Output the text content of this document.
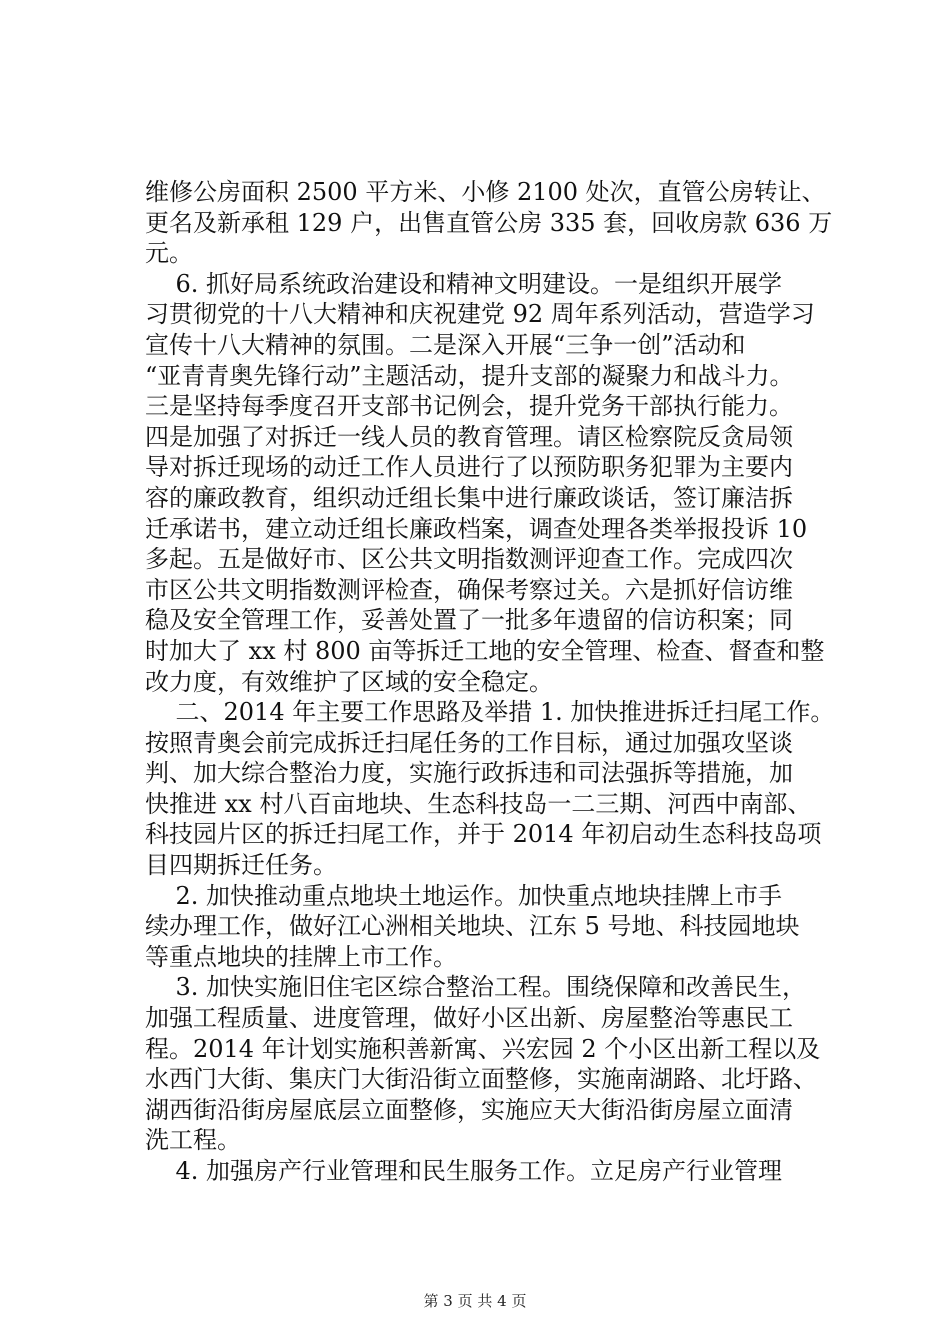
维修公房面积 2500 平方米、小修 2100 处次，直管公房转让、
更名及新承租 129 户，出售直管公房 335 套，回收房款 636 万
元。
6. 抓好局系统政治建设和精神文明建设。一是组织开展学
习贯彻党的十八大精神和庆祝建党 92 周年系列活动，营造学习
宣传十八大精神的氛围。二是深入开展“三争一创”活动和
“亚青青奥先锋行动”主题活动，提升支部的凝聚力和战斗力。
三是坚持每季度召开支部书记例会，提升党务干部执行能力。
四是加强了对拆迁一线人员的教育管理。请区检察院反贪局领
导对拆迁现场的动迁工作人员进行了以预防职务犯罪为主要内
容的廉政教育，组织动迁组长集中进行廉政谈话，签订廉洁拆
迁承诺书，建立动迁组长廉政档案，调查处理各类举报投诉 10
多起。五是做好市、区公共文明指数测评迎查工作。完成四次
市区公共文明指数测评检查，确保考察过关。六是抓好信访维
稳及安全管理工作，妥善处置了一批多年遗留的信访积案；同
时加大了 xx 村 800 亩等拆迁工地的安全管理、检查、督查和整
改力度，有效维护了区域的安全稳定。
二、2014 年主要工作思路及举措 1. 加快推进拆迁扫尾工作。
按照青奥会前完成拆迁扫尾任务的工作目标，通过加强攻坚谈
判、加大综合整治力度，实施行政拆违和司法强拆等措施，加
快推进 xx 村八百亩地块、生态科技岛一二三期、河西中南部、
科技园片区的拆迁扫尾工作，并于 2014 年初启动生态科技岛项
目四期拆迁任务。
2. 加快推动重点地块土地运作。加快重点地块挂牌上市手
续办理工作，做好江心洲相关地块、江东 5 号地、科技园地块
等重点地块的挂牌上市工作。
3. 加快实施旧住宅区综合整治工程。围绕保障和改善民生，
加强工程质量、进度管理，做好小区出新、房屋整治等惠民工
程。2014 年计划实施积善新寓、兴宏园 2 个小区出新工程以及
水西门大街、集庆门大街沿街立面整修，实施南湖路、北圩路、
湖西街沿街房屋底层立面整修，实施应天大街沿街房屋立面清
洗工程。
4. 加强房产行业管理和民生服务工作。立足房产行业管理
第 3 页 共 4 页
